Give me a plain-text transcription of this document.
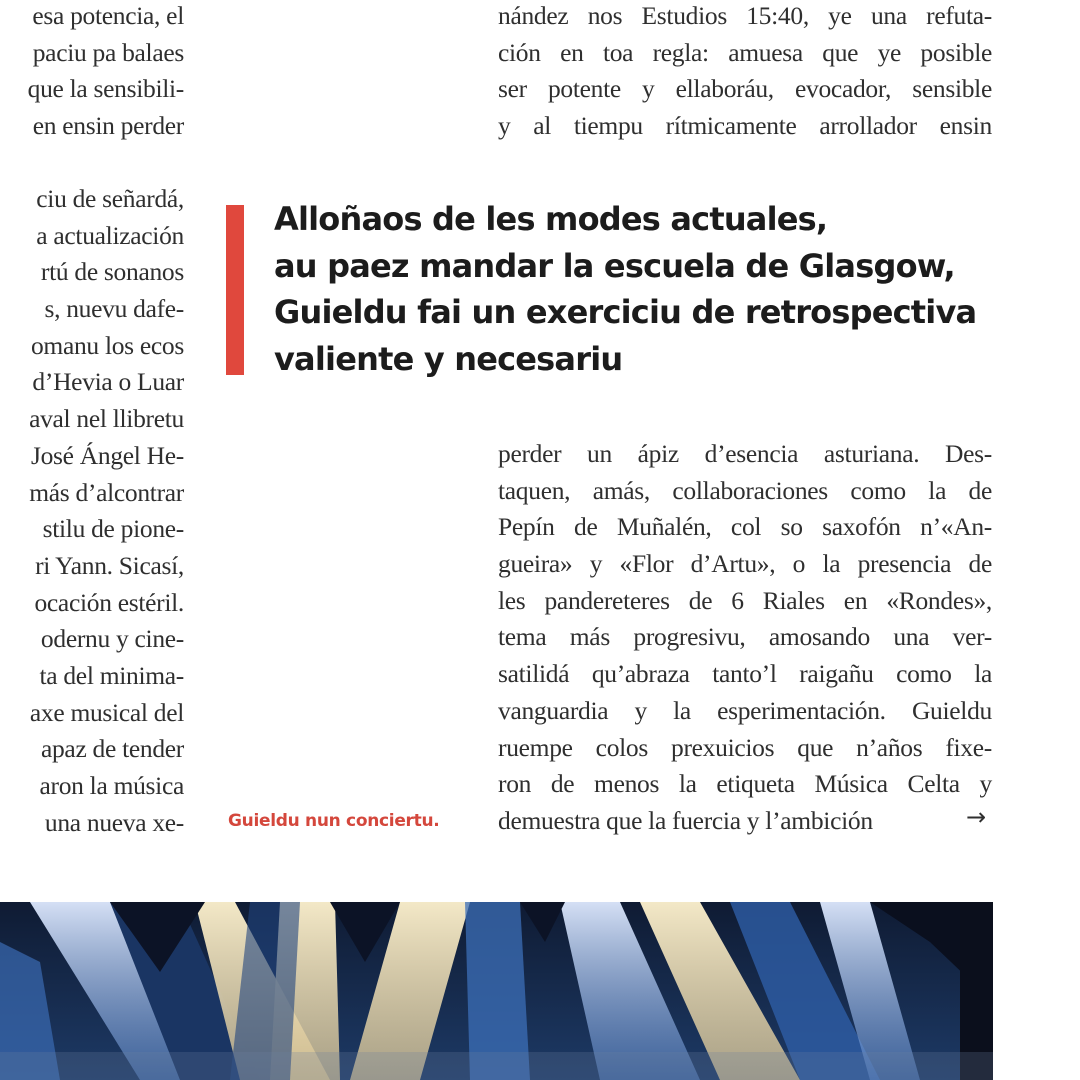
esa potencia, el
paciu pa balaes
que la sensibili-
en ensin perder
ciu de señardá,
a actualización
rtú de sonanos
s, nuevu dafe-
omanu los ecos
d’Hevia o Luar
aval nel llibretu
José Ángel He-
más d’alcontrar
stilu de pione-
ri Yann. Sicasí,
ocación estéril.
odernu y cine-
ta del minima-
axe musical del
apaz de tender
aron la música
una nueva xe-
nández nos Estudios 15:40, ye una refuta-
ción en toa regla: amuesa que ye posible
ser potente y ellaboráu, evocador, sensible
y al tiempu rítmicamente arrollador ensin
Alloñaos de les modes actuales,
au paez mandar la escuela de Glasgow,
Guieldu fai un exerciciu de retrospectiva
valiente y necesariu
perder un ápiz d’esencia asturiana. Des-
taquen, amás, collaboraciones como la de
Pepín de Muñalén, col so saxofón n’«An-
gueira» y «Flor d’Artu», o la presencia de
les pandereteres de 6 Riales en «Rondes»,
tema más progresivu, amosando una ver-
satilidá qu’abraza tanto’l raigañu como la
vanguardia y la esperimentación. Guieldu
ruempe colos prexuicios que n’años fixe-
ron de menos la etiqueta Música Celta y
demuestra que la fuercia y l’ambición
Guieldu nun conciertu.	→
